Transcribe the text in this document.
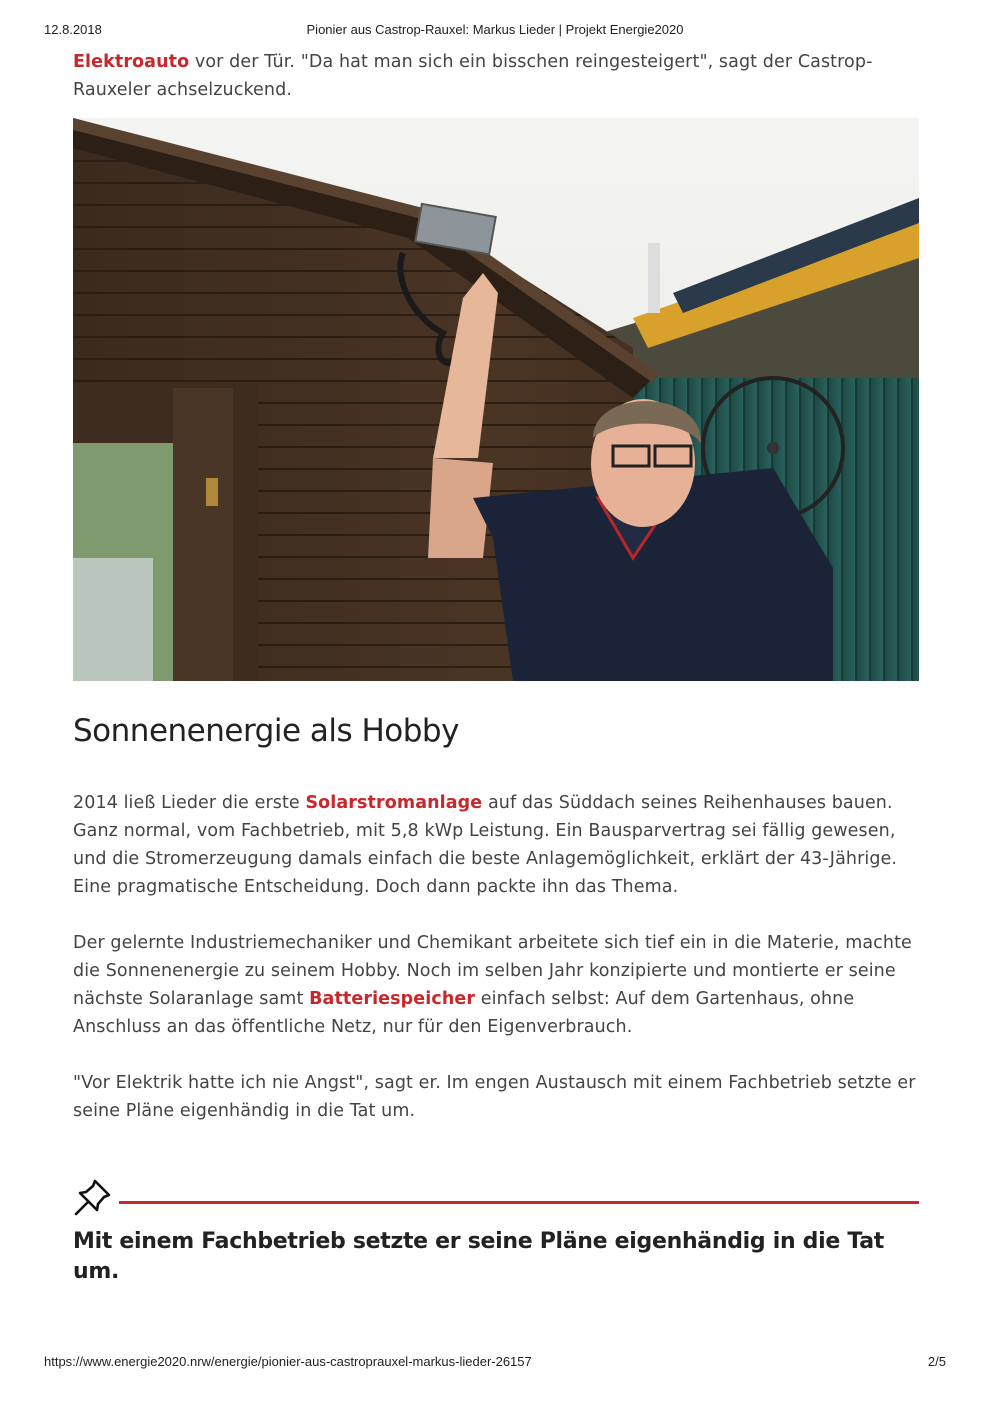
12.8.2018	Pionier aus Castrop-Rauxel: Markus Lieder | Projekt Energie2020

Elektroauto vor der Tür. "Da hat man sich ein bisschen reingesteigert", sagt der Castrop-Rauxeler achselzuckend.

Sonnenenergie als Hobby

2014 ließ Lieder die erste Solarstromanlage auf das Süddach seines Reihenhauses bauen. Ganz normal, vom Fachbetrieb, mit 5,8 kWp Leistung. Ein Bausparvertrag sei fällig gewesen, und die Stromerzeugung damals einfach die beste Anlagemöglichkeit, erklärt der 43-Jährige. Eine pragmatische Entscheidung. Doch dann packte ihn das Thema.

Der gelernte Industriemechaniker und Chemikant arbeitete sich tief ein in die Materie, machte die Sonnenenergie zu seinem Hobby. Noch im selben Jahr konzipierte und montierte er seine nächste Solaranlage samt Batteriespeicher einfach selbst: Auf dem Gartenhaus, ohne Anschluss an das öffentliche Netz, nur für den Eigenverbrauch.

"Vor Elektrik hatte ich nie Angst", sagt er. Im engen Austausch mit einem Fachbetrieb setzte er seine Pläne eigenhändig in die Tat um.

Mit einem Fachbetrieb setzte er seine Pläne eigenhändig in die Tat um.
https://www.energie2020.nrw/energie/pionier-aus-castroprauxel-markus-lieder-26157	2/5
